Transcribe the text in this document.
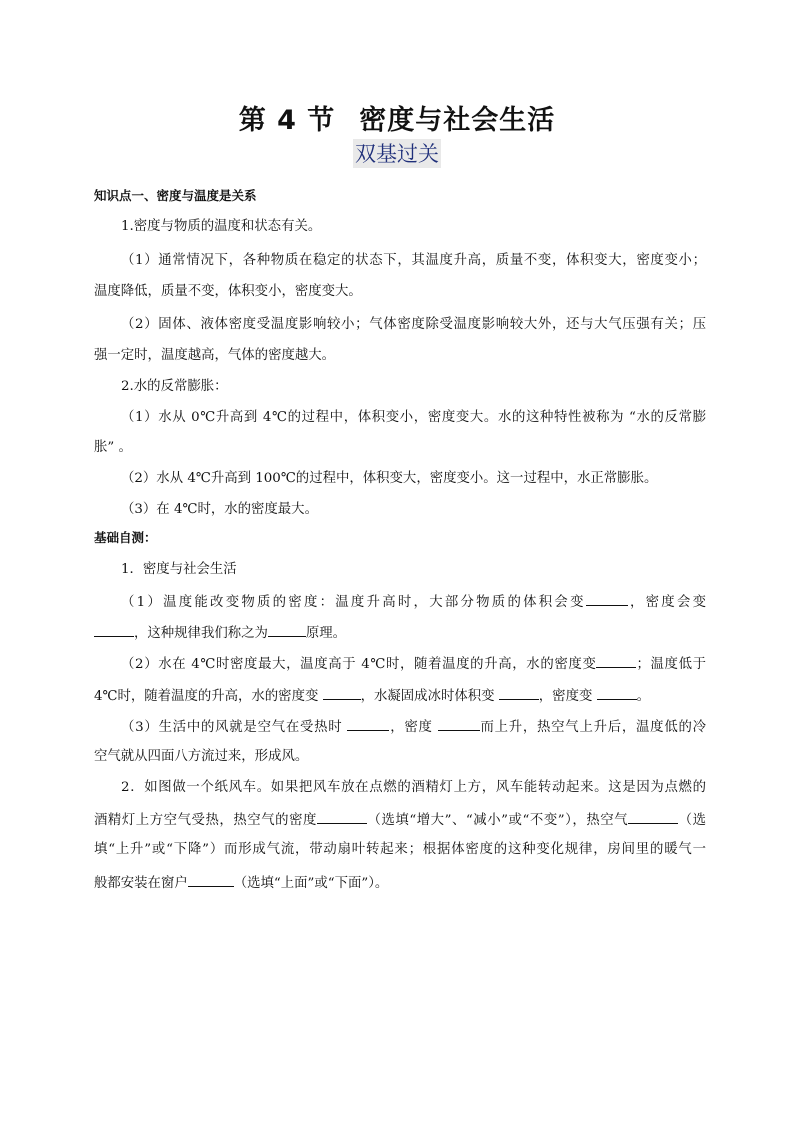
第 4 节 密度与社会生活
双基过关
知识点一、密度与温度是关系
1.密度与物质的温度和状态有关。
（1）通常情况下，各种物质在稳定的状态下，其温度升高，质量不变，体积变大，密度变小；
温度降低，质量不变，体积变小，密度变大。
（2）固体、液体密度受温度影响较小；气体密度除受温度影响较大外，还与大气压强有关；压
强一定时，温度越高，气体的密度越大。
2.水的反常膨胀：
（1）水从 0℃升高到 4℃的过程中，体积变小，密度变大。水的这种特性被称为 “水的反常膨
胀” 。
（2）水从 4℃升高到 100℃的过程中，体积变大，密度变小。这一过程中，水正常膨胀。
（3）在 4℃时，水的密度最大。
基础自测：
1．密度与社会生活
（1）温度能改变物质的密度：温度升高时，大部分物质的体积会变	，密度会变
，这种规律我们称之为	原理。
（2）水在 4℃时密度最大，温度高于 4℃时，随着温度的升高，水的密度变	；温度低于
4℃时，随着温度的升高，水的密度变	，水凝固成冰时体积变	，密度变	。
（3）生活中的风就是空气在受热时	，密度	而上升，热空气上升后，温度低的冷
空气就从四面八方流过来，形成风。
2．如图做一个纸风车。如果把风车放在点燃的酒精灯上方，风车能转动起来。这是因为点燃的
酒精灯上方空气受热，热空气的密度	（选填“增大”、“减小”或“不变”），热空气	（选
填“上升”或“下降”）而形成气流，带动扇叶转起来；根据体密度的这种变化规律，房间里的暖气一
般都安装在窗户	（选填“上面”或“下面”）。
